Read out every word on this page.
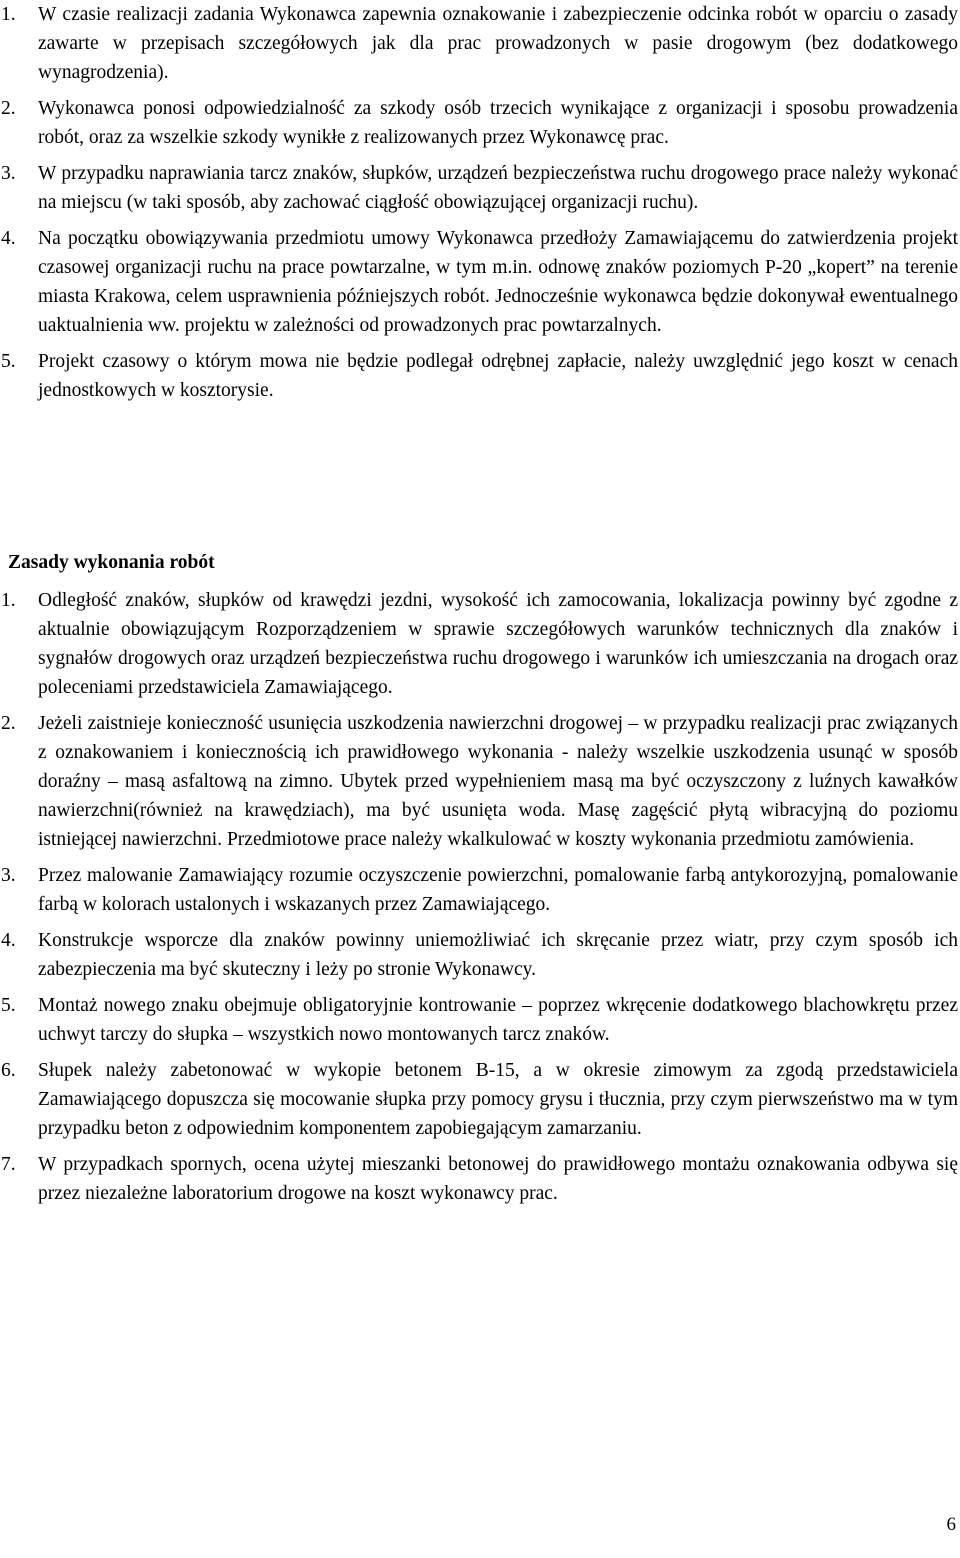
1. W czasie realizacji zadania Wykonawca zapewnia oznakowanie i zabezpieczenie odcinka robót w oparciu o zasady zawarte w przepisach szczegółowych jak dla prac prowadzonych w pasie drogowym (bez dodatkowego wynagrodzenia).

2. Wykonawca ponosi odpowiedzialność za szkody osób trzecich wynikające z organizacji i sposobu prowadzenia robót, oraz za wszelkie szkody wynikłe z realizowanych przez Wykonawcę prac.

3. W przypadku naprawiania tarcz znaków, słupków, urządzeń bezpieczeństwa ruchu drogowego prace należy wykonać na miejscu (w taki sposób, aby zachować ciągłość obowiązującej organizacji ruchu).

4. Na początku obowiązywania przedmiotu umowy Wykonawca przedłoży Zamawiającemu do zatwierdzenia projekt czasowej organizacji ruchu na prace powtarzalne, w tym m.in. odnowę znaków poziomych P-20 „kopert” na terenie miasta Krakowa, celem usprawnienia późniejszych robót. Jednocześnie wykonawca będzie dokonywał ewentualnego uaktualnienia ww. projektu w zależności od prowadzonych prac powtarzalnych.

5. Projekt czasowy o którym mowa nie będzie podlegał odrębnej zapłacie, należy uwzględnić jego koszt w cenach jednostkowych w kosztorysie.

Zasady wykonania robót

1. Odległość znaków, słupków od krawędzi jezdni, wysokość ich zamocowania, lokalizacja powinny być zgodne z aktualnie obowiązującym Rozporządzeniem w sprawie szczegółowych warunków technicznych dla znaków i sygnałów drogowych oraz urządzeń bezpieczeństwa ruchu drogowego i warunków ich umieszczania na drogach oraz poleceniami przedstawiciela Zamawiającego.

2. Jeżeli zaistnieje konieczność usunięcia uszkodzenia nawierzchni drogowej – w przypadku realizacji prac związanych z oznakowaniem i koniecznością ich prawidłowego wykonania - należy wszelkie uszkodzenia usunąć w sposób doraźny – masą asfaltową na zimno. Ubytek przed wypełnieniem masą ma być oczyszczony z luźnych kawałków nawierzchni(również na krawędziach), ma być usunięta woda. Masę zagęścić płytą wibracyjną do poziomu istniejącej nawierzchni. Przedmiotowe prace należy wkalkulować w koszty wykonania przedmiotu zamówienia.

3. Przez malowanie Zamawiający rozumie oczyszczenie powierzchni, pomalowanie farbą antykorozyjną, pomalowanie farbą w kolorach ustalonych i wskazanych przez Zamawiającego.

4. Konstrukcje wsporcze dla znaków powinny uniemożliwiać ich skręcanie przez wiatr, przy czym sposób ich zabezpieczenia ma być skuteczny i leży po stronie Wykonawcy.

5. Montaż nowego znaku obejmuje obligatoryjnie kontrowanie – poprzez wkręcenie dodatkowego blachowkrętu przez uchwyt tarczy do słupka – wszystkich nowo montowanych tarcz znaków.

6. Słupek należy zabetonować w wykopie betonem B-15, a w okresie zimowym za zgodą przedstawiciela Zamawiającego dopuszcza się mocowanie słupka przy pomocy grysu i tłucznia, przy czym pierwszeństwo ma w tym przypadku beton z odpowiednim komponentem zapobiegającym zamarzaniu.

7. W przypadkach spornych, ocena użytej mieszanki betonowej do prawidłowego montażu oznakowania odbywa się przez niezależne laboratorium drogowe na koszt wykonawcy prac.

6
